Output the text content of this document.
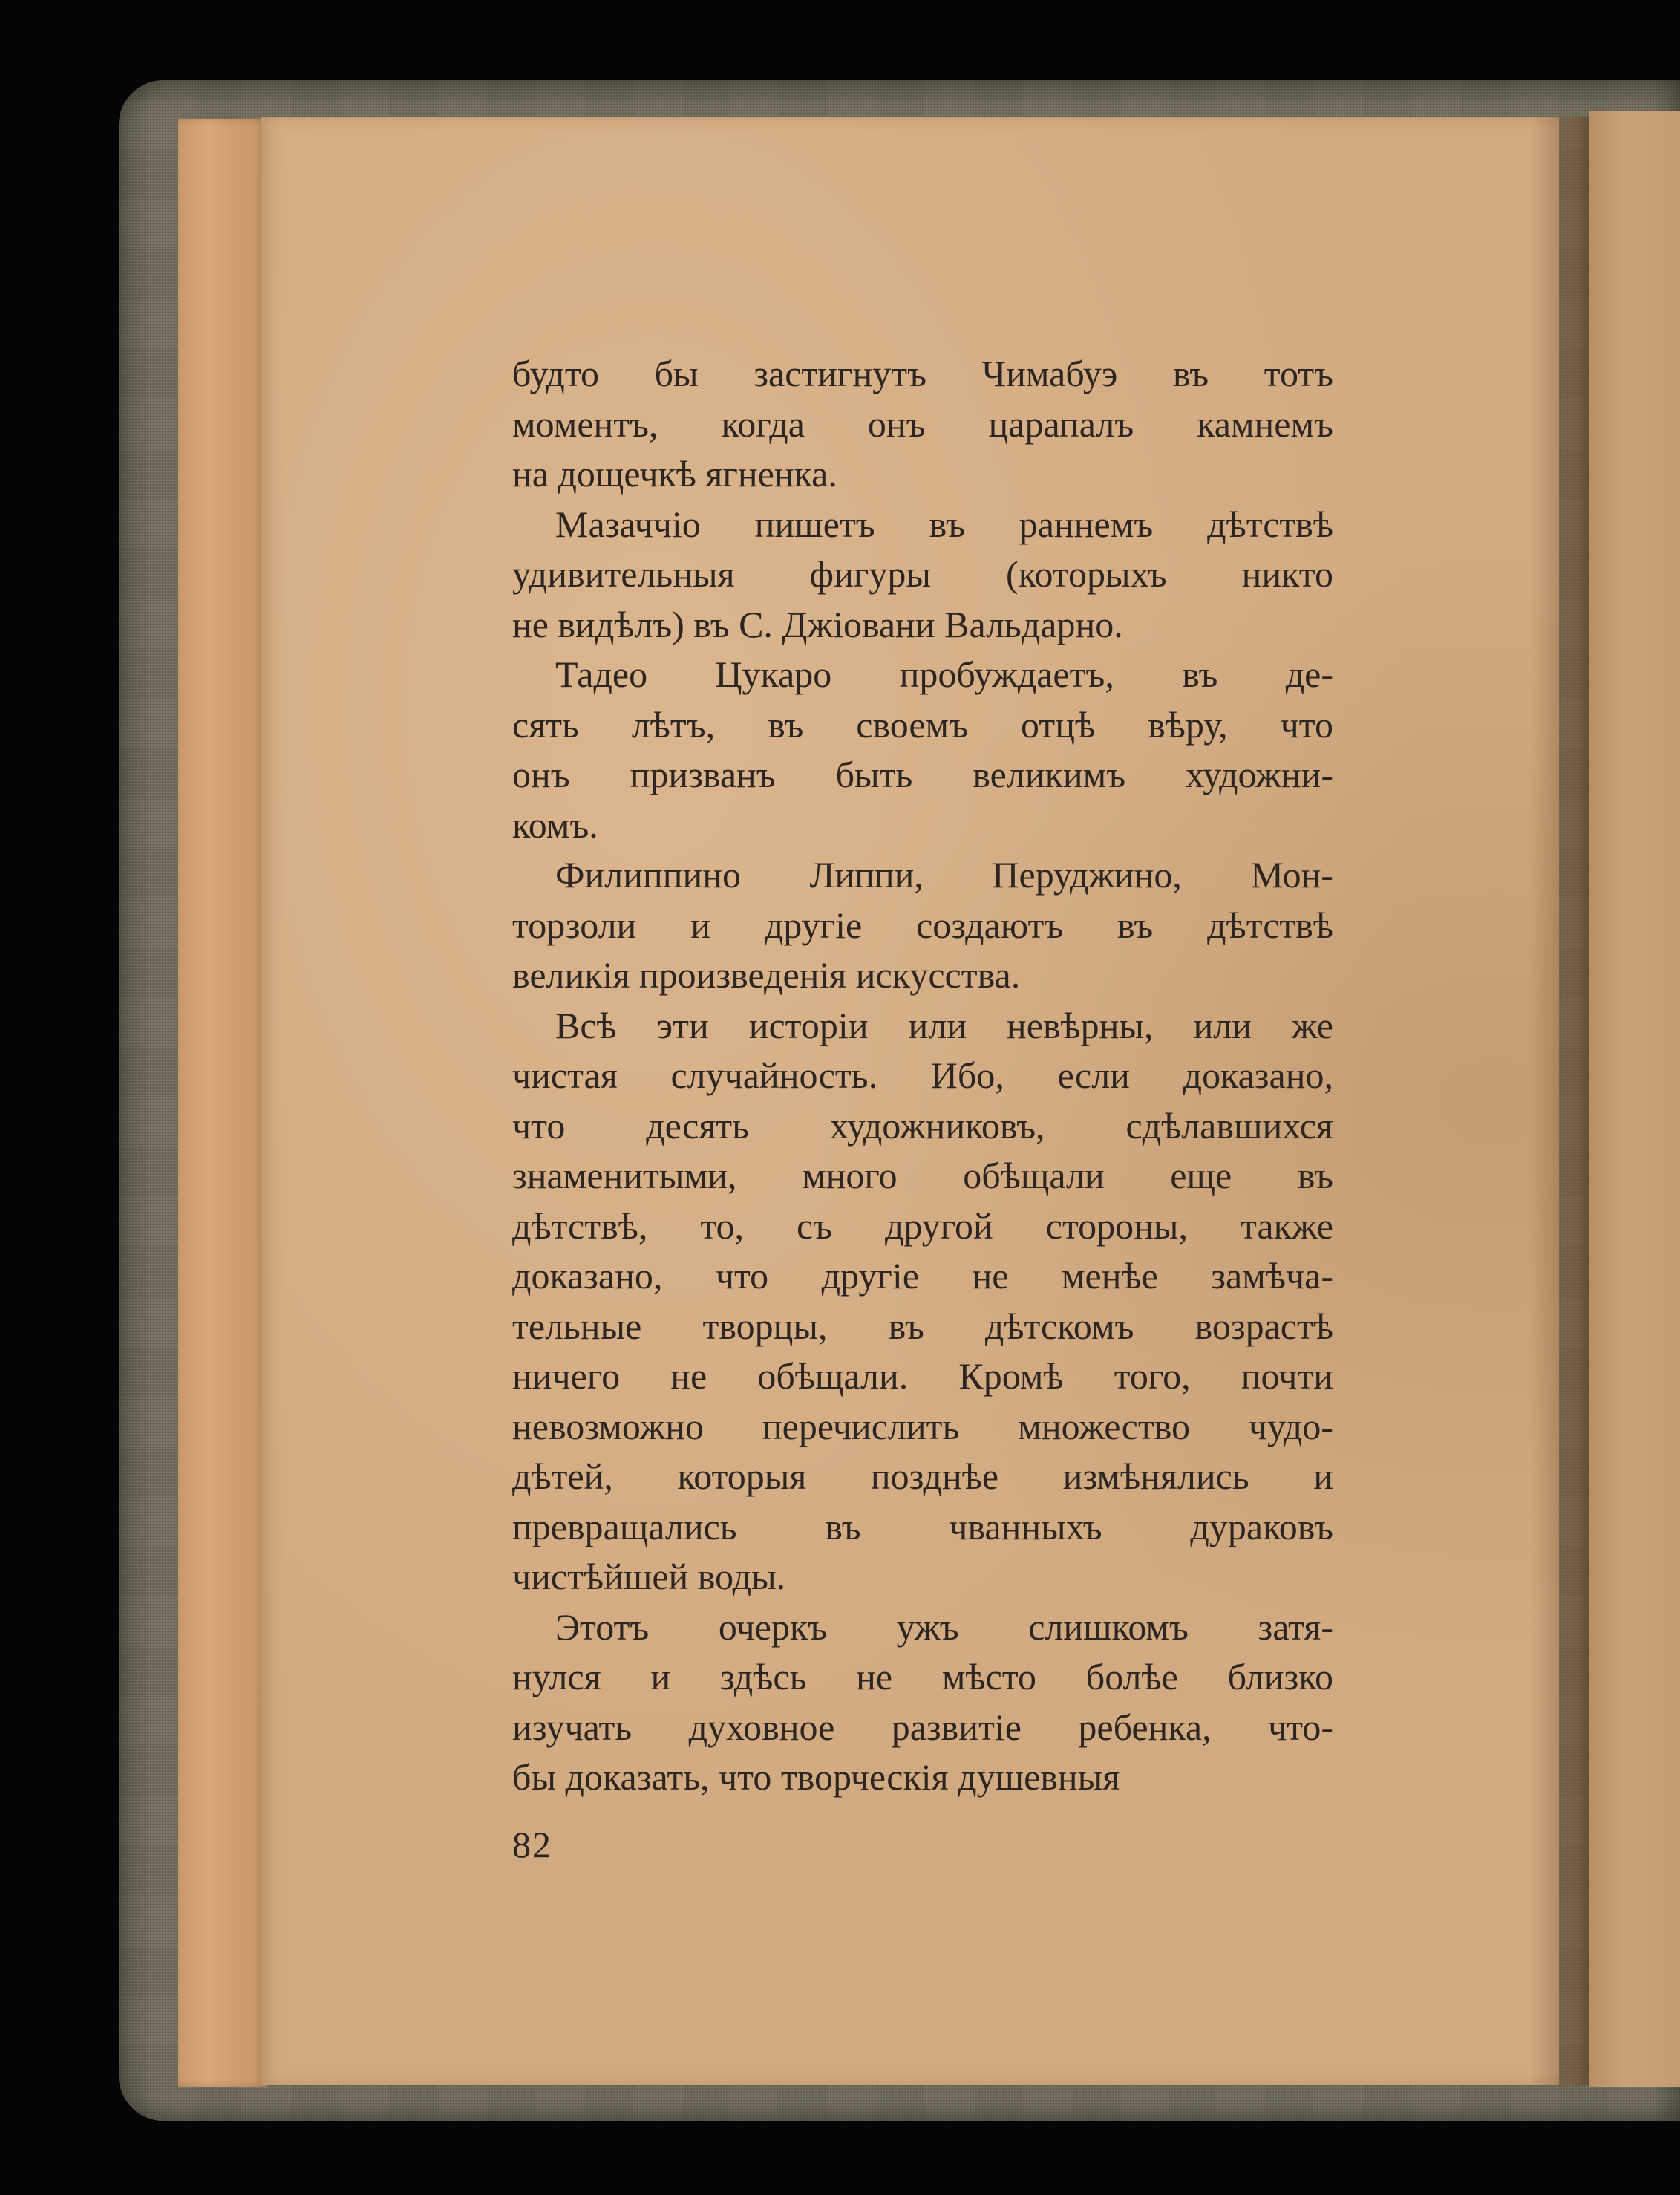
будто бы застигнутъ Чимабуэ въ тотъ
моментъ, когда онъ царапалъ камнемъ
на дощечкѣ ягненка.
Мазаччіо пишетъ въ раннемъ дѣтствѣ
удивительныя фигуры (которыхъ никто
не видѣлъ) въ С. Джіовани Вальдарно.
Тадео Цукаро пробуждаетъ, въ де-
сять лѣтъ, въ своемъ отцѣ вѣру, что
онъ призванъ быть великимъ художни-
комъ.
Филиппино Липпи, Перуджино, Мон-
торзоли и другіе создаютъ въ дѣтствѣ
великія произведенія искусства.
Всѣ эти исторіи или невѣрны, или же
чистая случайность. Ибо, если доказано,
что десять художниковъ, сдѣлавшихся
знаменитыми, много обѣщали еще въ
дѣтствѣ, то, съ другой стороны, также
доказано, что другіе не менѣе замѣча-
тельные творцы, въ дѣтскомъ возрастѣ
ничего не обѣщали. Кромѣ того, почти
невозможно перечислить множество чудо-
дѣтей, которыя позднѣе измѣнялись и
превращались въ чванныхъ дураковъ
чистѣйшей воды.
Этотъ очеркъ ужъ слишкомъ затя-
нулся и здѣсь не мѣсто болѣе близко
изучать духовное развитіе ребенка, что-
бы доказать, что творческія душевныя
82
